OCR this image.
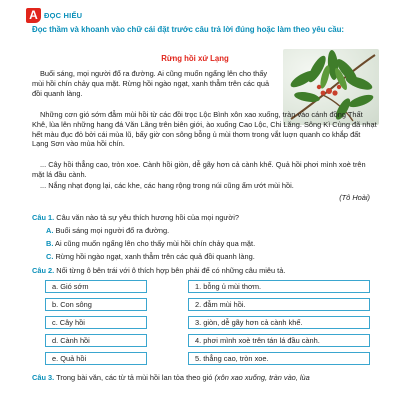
A ĐỌC HIỂU
Đọc thầm và khoanh vào chữ cái đặt trước câu trả lời đúng hoặc làm theo yêu cầu:
Rừng hồi xứ Lạng
Buổi sáng, mọi người đổ ra đường. Ai cũng muốn ngẩng lên cho thấy mùi hồi chín chảy qua mặt. Rừng hồi ngào ngạt, xanh thẫm trên các quả đồi quanh làng.
Những cơn gió sớm đẫm mùi hồi từ các đồi trọc Lộc Bình xôn xao xuống, tràn vào cánh đồng Thất Khê, lùa lên những hang đá Văn Lãng trên biên giới, ào xuống Cao Lộc, Chi Lăng. Sông Kì Cùng đã nhạt hết màu đục đỏ bởi cái mùa lũ, bấy giờ con sông bỗng ủ mùi thơm trong vắt luợn quanh co khắp đất Lạng Sơn vào mùa hồi chín.
... Cây hồi thẳng cao, tròn xoe. Cành hồi giòn, dễ gãy hơn cả cành khế. Quả hồi phơi mình xoè trên mặt lá đầu cành.
... Nắng nhạt đọng lại, các khe, các hang rộng trong núi cũng ẩm ướt mùi hồi.
(Tô Hoài)
Câu 1. Câu văn nào tả sự yêu thích hương hồi của mọi người?
A. Buổi sáng mọi người đổ ra đường.
B. Ai cũng muốn ngẩng lên cho thấy mùi hồi chín chảy qua mặt.
C. Rừng hồi ngào ngạt, xanh thẫm trên các quả đồi quanh làng.
Câu 2. Nối từng ô bên trái với ô thích hợp bên phải để có những câu miêu tả.
a. Gió sớm
b. Con sông
c. Cây hồi
d. Cành hồi
e. Quả hồi
1. bỗng ủ mùi thơm.
2. đẫm mùi hồi.
3. giòn, dễ gãy hơn cả cành khế.
4. phơi mình xoè trên tán lá đầu cành.
5. thẳng cao, tròn xoe.
Câu 3. Trong bài văn, các từ tả mùi hồi lan tỏa theo gió (xôn xao xuống, tràn vào, lùa
